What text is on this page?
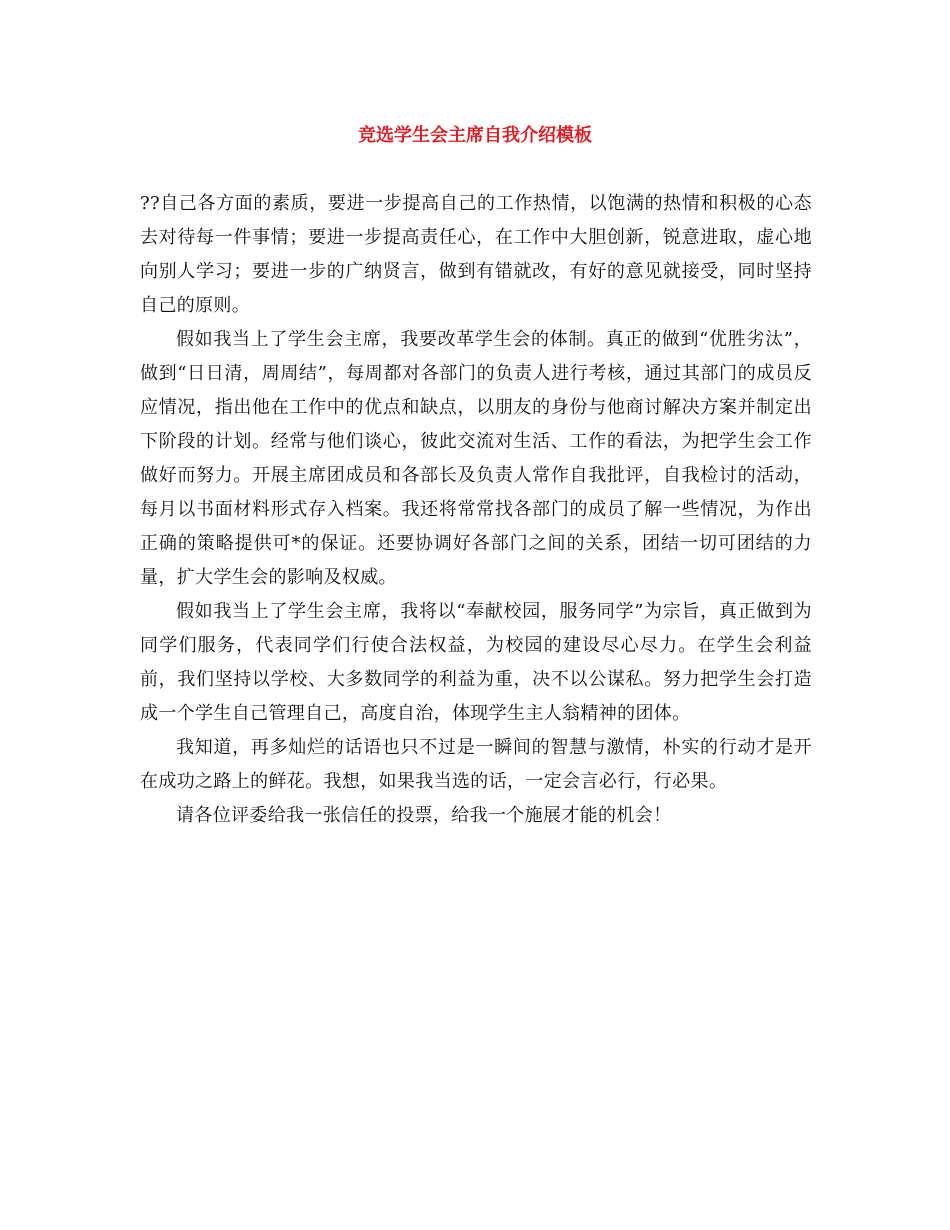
竞选学生会主席自我介绍模板

??自己各方面的素质，要进一步提高自己的工作热情，以饱满的热情和积极的心态去对待每一件事情；要进一步提高责任心，在工作中大胆创新，锐意进取，虚心地向别人学习；要进一步的广纳贤言，做到有错就改，有好的意见就接受，同时坚持自己的原则。

假如我当上了学生会主席，我要改革学生会的体制。真正的做到“优胜劣汰”，做到“日日清，周周结”，每周都对各部门的负责人进行考核，通过其部门的成员反应情况，指出他在工作中的优点和缺点，以朋友的身份与他商讨解决方案并制定出下阶段的计划。经常与他们谈心，彼此交流对生活、工作的看法，为把学生会工作做好而努力。开展主席团成员和各部长及负责人常作自我批评，自我检讨的活动，每月以书面材料形式存入档案。我还将常常找各部门的成员了解一些情况，为作出正确的策略提供可*的保证。还要协调好各部门之间的关系，团结一切可团结的力量，扩大学生会的影响及权威。

假如我当上了学生会主席，我将以“奉献校园，服务同学”为宗旨，真正做到为同学们服务，代表同学们行使合法权益，为校园的建设尽心尽力。在学生会利益前，我们坚持以学校、大多数同学的利益为重，决不以公谋私。努力把学生会打造成一个学生自己管理自己，高度自治，体现学生主人翁精神的团体。

我知道，再多灿烂的话语也只不过是一瞬间的智慧与激情，朴实的行动才是开在成功之路上的鲜花。我想，如果我当选的话，一定会言必行，行必果。

请各位评委给我一张信任的投票，给我一个施展才能的机会！
